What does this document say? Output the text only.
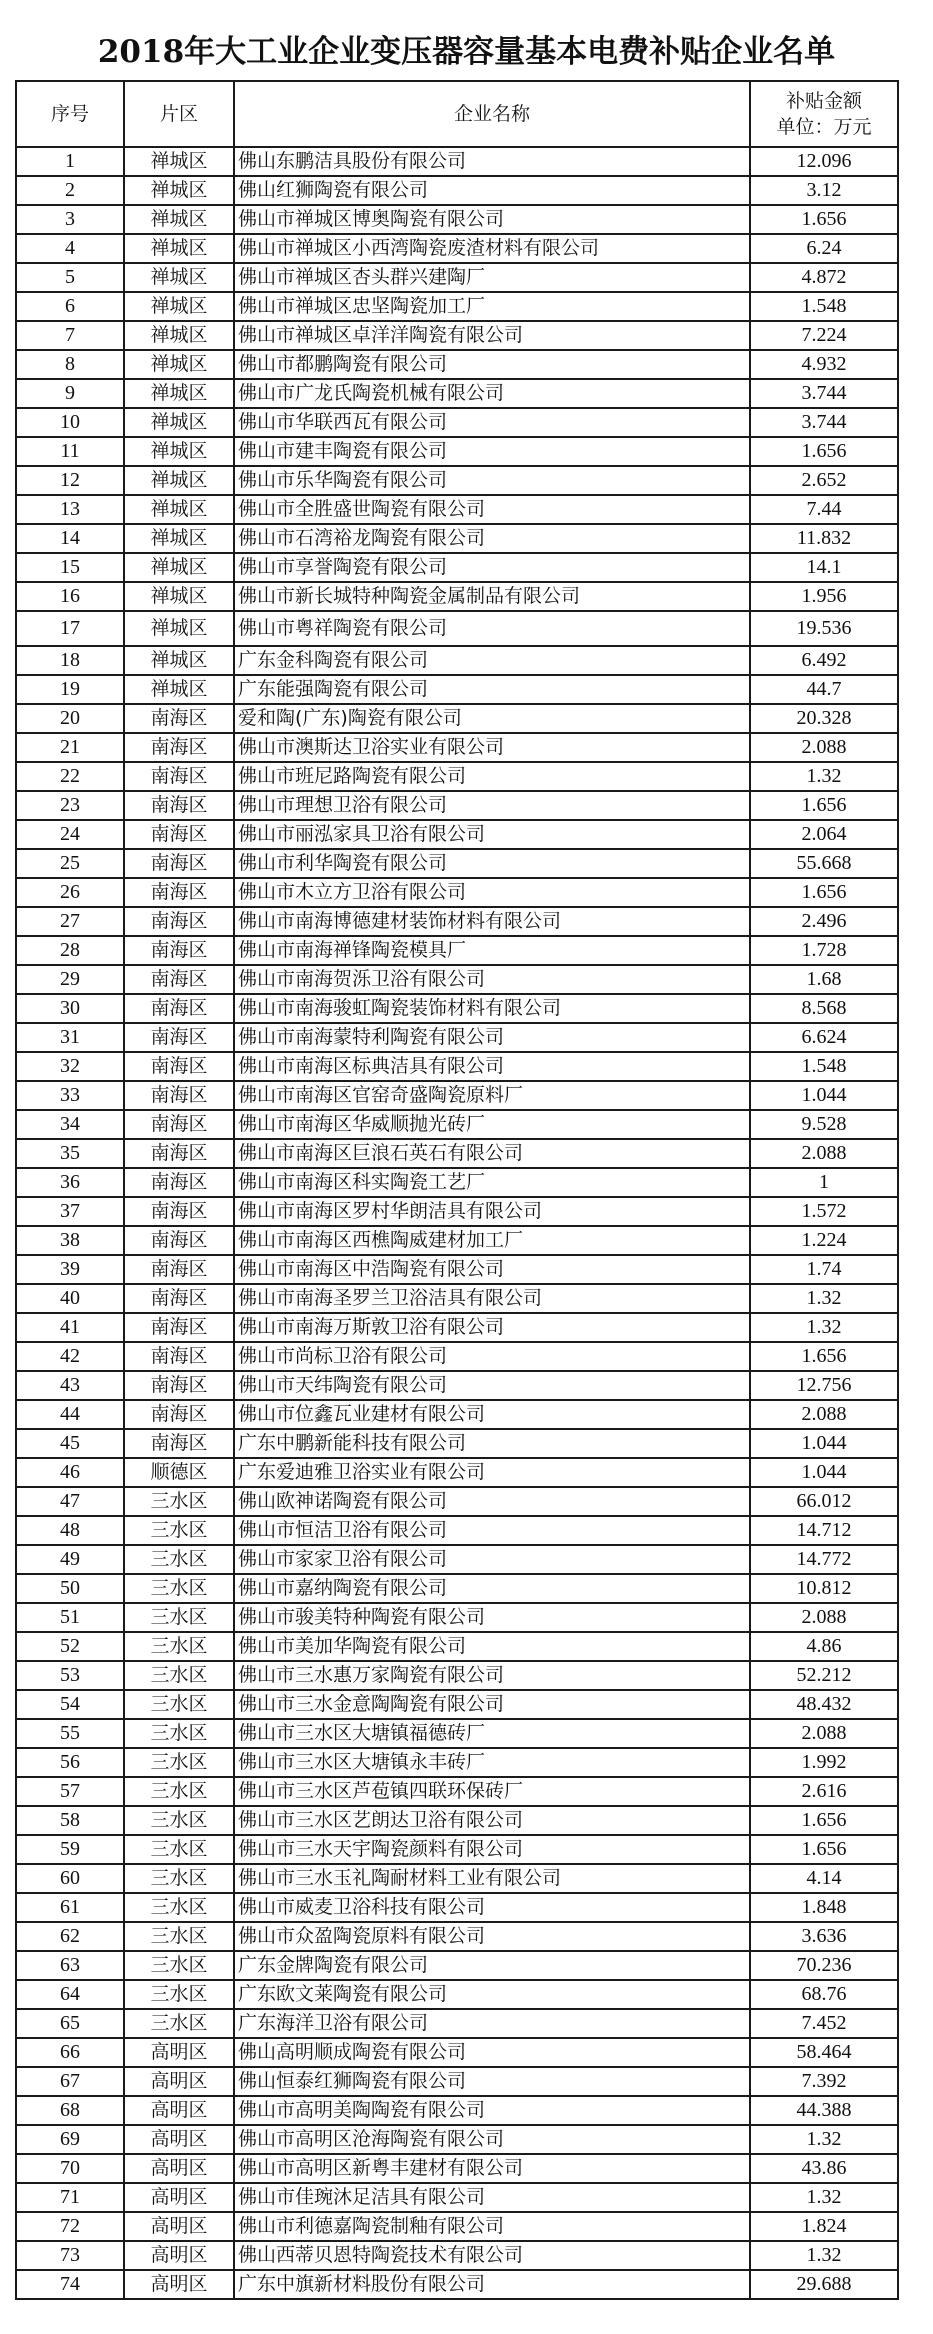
2018年大工业企业变压器容量基本电费补贴企业名单
序号	片区	企业名称	补贴金额
单位：万元

1	禅城区	佛山东鹏洁具股份有限公司	12.096
2	禅城区	佛山红狮陶瓷有限公司	3.12
3	禅城区	佛山市禅城区博奥陶瓷有限公司	1.656
4	禅城区	佛山市禅城区小西湾陶瓷废渣材料有限公司	6.24
5	禅城区	佛山市禅城区杏头群兴建陶厂	4.872
6	禅城区	佛山市禅城区忠坚陶瓷加工厂	1.548
7	禅城区	佛山市禅城区卓洋洋陶瓷有限公司	7.224
8	禅城区	佛山市都鹏陶瓷有限公司	4.932
9	禅城区	佛山市广龙氏陶瓷机械有限公司	3.744
10	禅城区	佛山市华联西瓦有限公司	3.744
11	禅城区	佛山市建丰陶瓷有限公司	1.656
12	禅城区	佛山市乐华陶瓷有限公司	2.652
13	禅城区	佛山市全胜盛世陶瓷有限公司	7.44
14	禅城区	佛山市石湾裕龙陶瓷有限公司	11.832
15	禅城区	佛山市享誉陶瓷有限公司	14.1
16	禅城区	佛山市新长城特种陶瓷金属制品有限公司	1.956
17	禅城区	佛山市粤祥陶瓷有限公司	19.536
18	禅城区	广东金科陶瓷有限公司	6.492
19	禅城区	广东能强陶瓷有限公司	44.7
20	南海区	爱和陶(广东)陶瓷有限公司	20.328
21	南海区	佛山市澳斯达卫浴实业有限公司	2.088
22	南海区	佛山市班尼路陶瓷有限公司	1.32
23	南海区	佛山市理想卫浴有限公司	1.656
24	南海区	佛山市丽泓家具卫浴有限公司	2.064
25	南海区	佛山市利华陶瓷有限公司	55.668
26	南海区	佛山市木立方卫浴有限公司	1.656
27	南海区	佛山市南海博德建材装饰材料有限公司	2.496
28	南海区	佛山市南海禅锋陶瓷模具厂	1.728
29	南海区	佛山市南海贺泺卫浴有限公司	1.68
30	南海区	佛山市南海骏虹陶瓷装饰材料有限公司	8.568
31	南海区	佛山市南海蒙特利陶瓷有限公司	6.624
32	南海区	佛山市南海区标典洁具有限公司	1.548
33	南海区	佛山市南海区官窑奇盛陶瓷原料厂	1.044
34	南海区	佛山市南海区华威顺抛光砖厂	9.528
35	南海区	佛山市南海区巨浪石英石有限公司	2.088
36	南海区	佛山市南海区科实陶瓷工艺厂	1
37	南海区	佛山市南海区罗村华朗洁具有限公司	1.572
38	南海区	佛山市南海区西樵陶威建材加工厂	1.224
39	南海区	佛山市南海区中浩陶瓷有限公司	1.74
40	南海区	佛山市南海圣罗兰卫浴洁具有限公司	1.32
41	南海区	佛山市南海万斯敦卫浴有限公司	1.32
42	南海区	佛山市尚标卫浴有限公司	1.656
43	南海区	佛山市天纬陶瓷有限公司	12.756
44	南海区	佛山市位鑫瓦业建材有限公司	2.088
45	南海区	广东中鹏新能科技有限公司	1.044
46	顺德区	广东爱迪雅卫浴实业有限公司	1.044
47	三水区	佛山欧神诺陶瓷有限公司	66.012
48	三水区	佛山市恒洁卫浴有限公司	14.712
49	三水区	佛山市家家卫浴有限公司	14.772
50	三水区	佛山市嘉纳陶瓷有限公司	10.812
51	三水区	佛山市骏美特种陶瓷有限公司	2.088
52	三水区	佛山市美加华陶瓷有限公司	4.86
53	三水区	佛山市三水惠万家陶瓷有限公司	52.212
54	三水区	佛山市三水金意陶陶瓷有限公司	48.432
55	三水区	佛山市三水区大塘镇福德砖厂	2.088
56	三水区	佛山市三水区大塘镇永丰砖厂	1.992
57	三水区	佛山市三水区芦苞镇四联环保砖厂	2.616
58	三水区	佛山市三水区艺朗达卫浴有限公司	1.656
59	三水区	佛山市三水天宇陶瓷颜料有限公司	1.656
60	三水区	佛山市三水玉礼陶耐材料工业有限公司	4.14
61	三水区	佛山市威麦卫浴科技有限公司	1.848
62	三水区	佛山市众盈陶瓷原料有限公司	3.636
63	三水区	广东金牌陶瓷有限公司	70.236
64	三水区	广东欧文莱陶瓷有限公司	68.76
65	三水区	广东海洋卫浴有限公司	7.452
66	高明区	佛山高明顺成陶瓷有限公司	58.464
67	高明区	佛山恒泰红狮陶瓷有限公司	7.392
68	高明区	佛山市高明美陶陶瓷有限公司	44.388
69	高明区	佛山市高明区沧海陶瓷有限公司	1.32
70	高明区	佛山市高明区新粤丰建材有限公司	43.86
71	高明区	佛山市佳琬沐足洁具有限公司	1.32
72	高明区	佛山市利德嘉陶瓷制釉有限公司	1.824
73	高明区	佛山西蒂贝恩特陶瓷技术有限公司	1.32
74	高明区	广东中旗新材料股份有限公司	29.688
